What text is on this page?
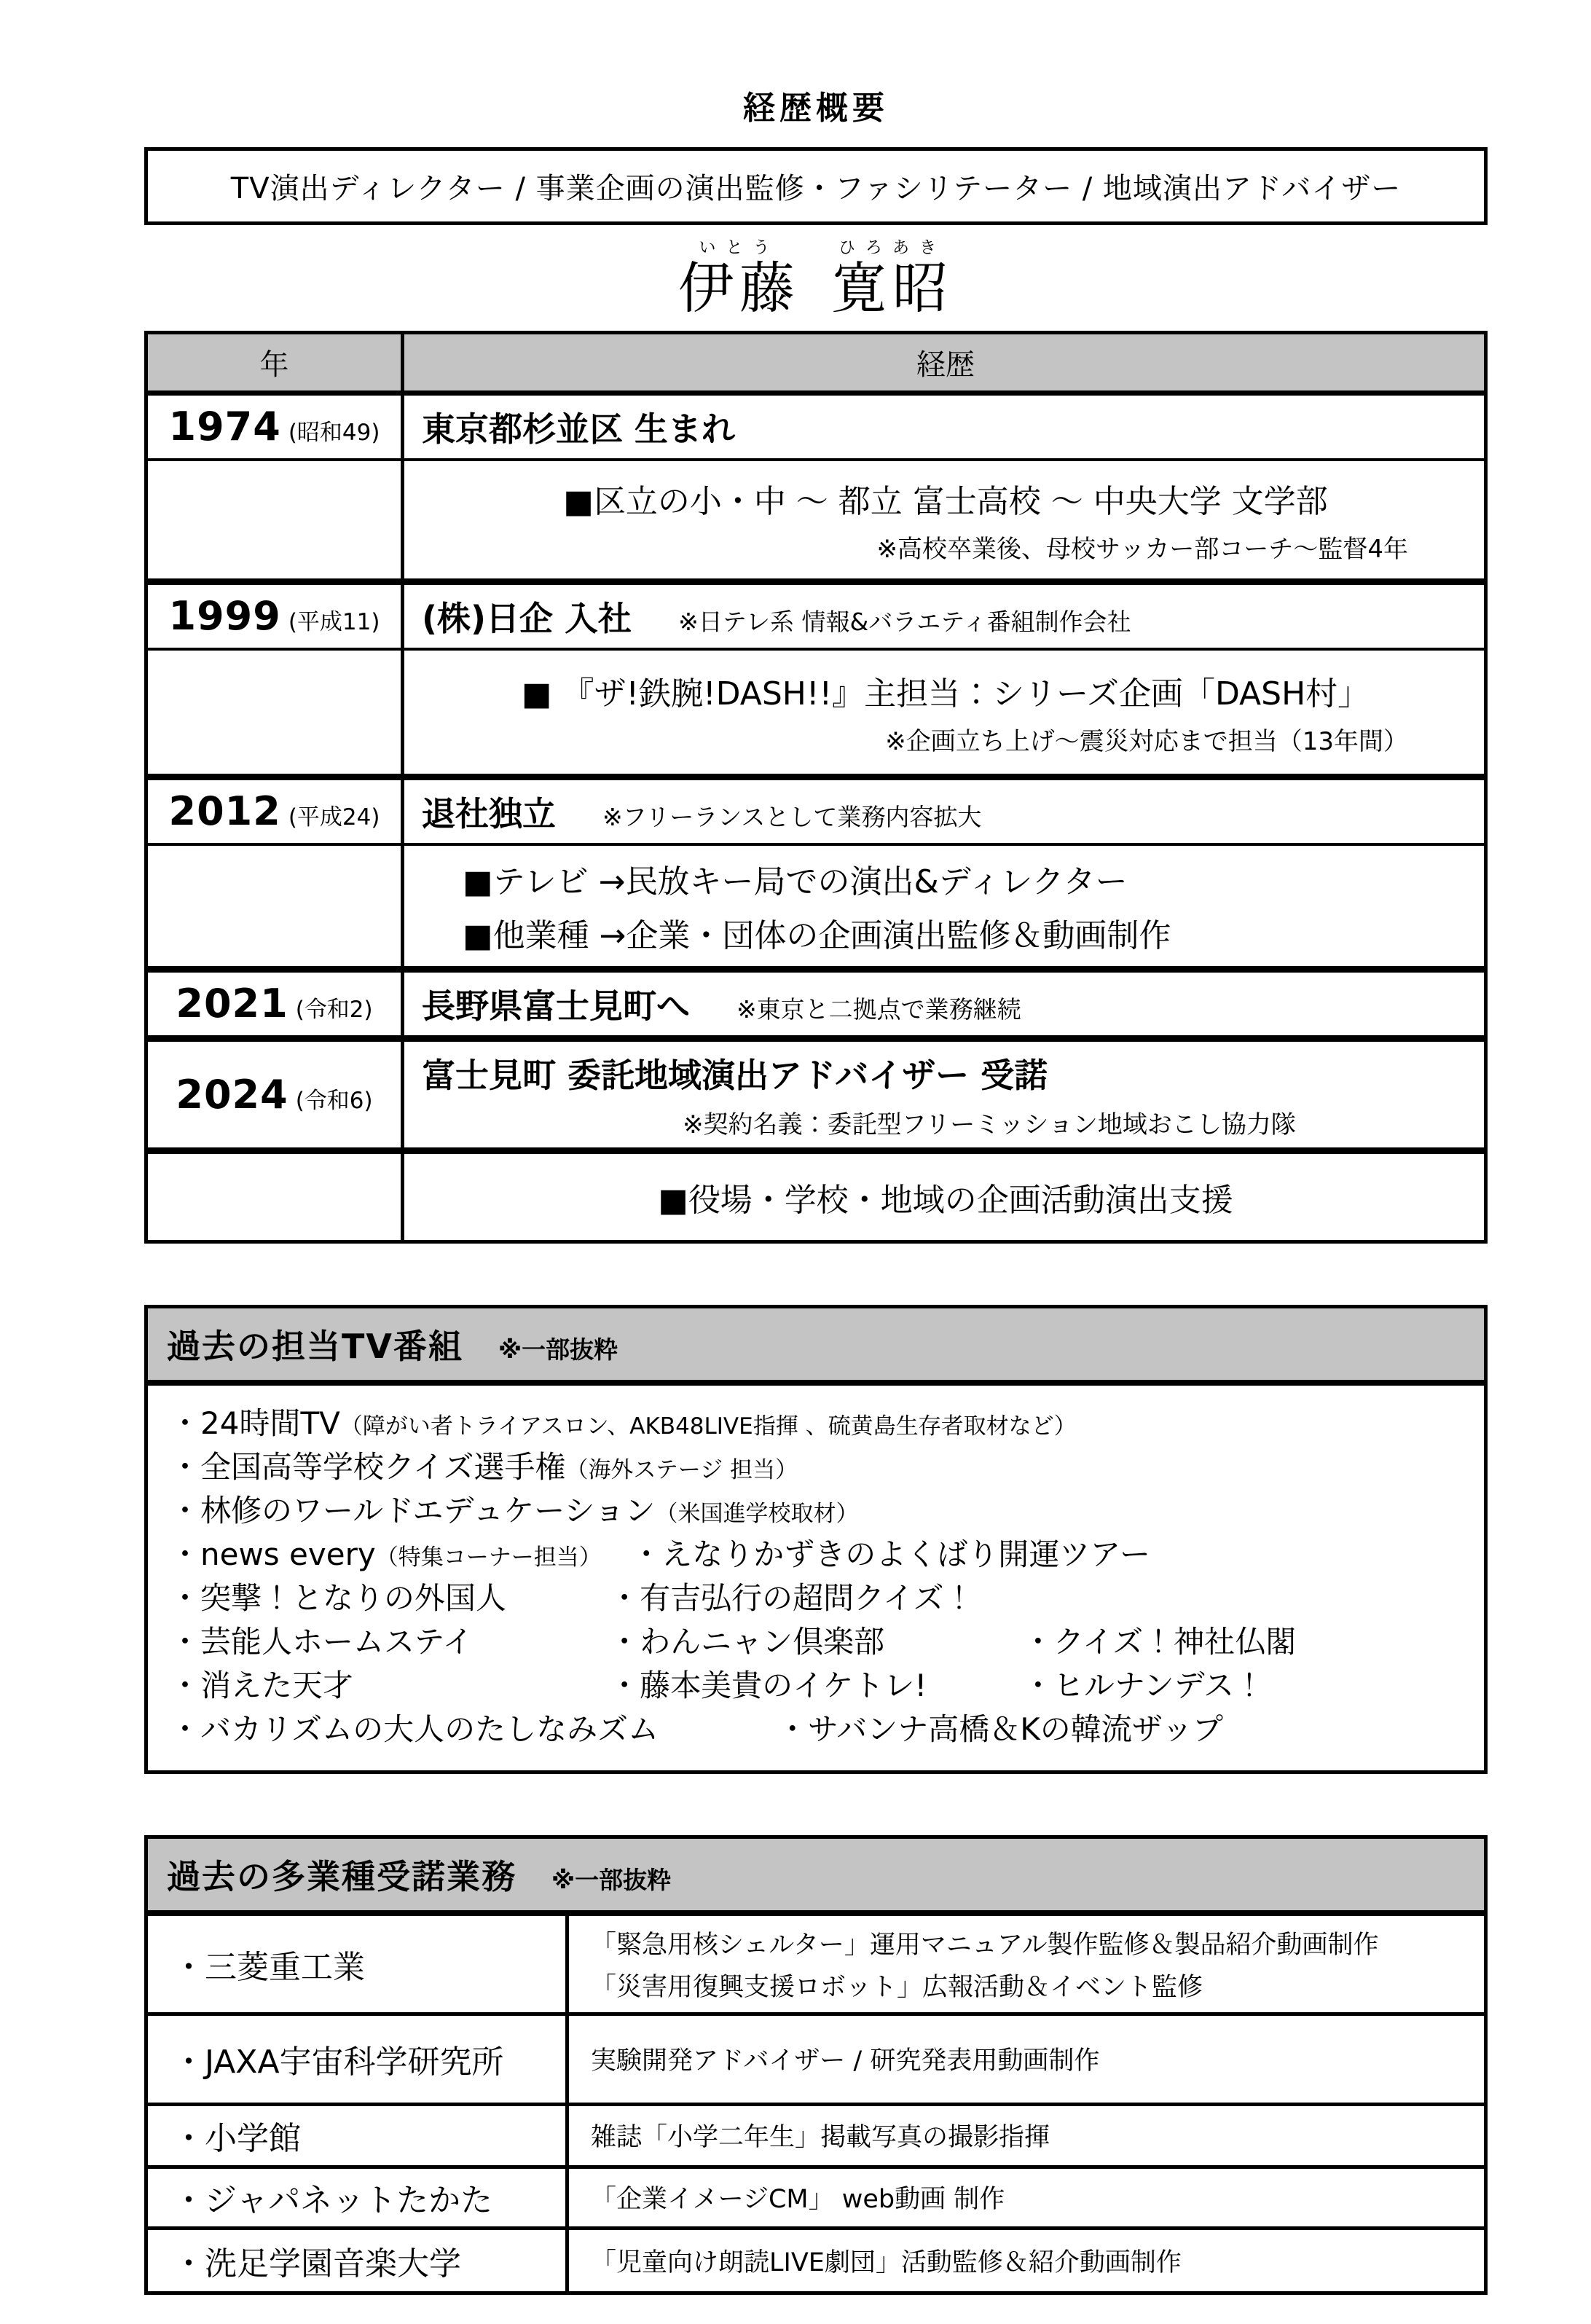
経歴概要
TV演出ディレクター / 事業企画の演出監修・ファシリテーター / 地域演出アドバイザー
いとう
伊藤
ひろあき
寛昭
年	経歴
1974 (昭和49) 東京都杉並区 生まれ
■区立の小・中 ～ 都立 富士高校 ～ 中央大学 文学部
※高校卒業後、母校サッカー部コーチ～監督4年
1999 (平成11) (株)日企 入社 ※日テレ系 情報&バラエティ番組制作会社
■ 『ザ!鉄腕!DASH!!』主担当：シリーズ企画「DASH村」
※企画立ち上げ～震災対応まで担当（13年間）
2012 (平成24) 退社独立 ※フリーランスとして業務内容拡大
■テレビ →民放キー局での演出&ディレクター
■他業種 →企業・団体の企画演出監修＆動画制作
2021 (令和2) 長野県富士見町へ ※東京と二拠点で業務継続
2024 (令和6)
富士見町 委託地域演出アドバイザー 受諾
※契約名義：委託型フリーミッション地域おこし協力隊
■役場・学校・地域の企画活動演出支援
過去の担当TV番組 ※一部抜粋
・24時間TV（障がい者トライアスロン、AKB48LIVE指揮 、硫黄島生存者取材など）
・全国高等学校クイズ選手権（海外ステージ 担当）
・林修のワールドエデュケーション（米国進学校取材）
・news every（特集コーナー担当） ・えなりかずきのよくばり開運ツアー
・突撃！となりの外国人	・有吉弘行の超問クイズ！
・芸能人ホームステイ	・わんニャン倶楽部	・クイズ！神社仏閣
・消えた天才	・藤本美貴のイケトレ!	・ヒルナンデス！
・バカリズムの大人のたしなみズム	・サバンナ高橋＆Kの韓流ザップ
過去の多業種受諾業務 ※一部抜粋
・三菱重工業
「緊急用核シェルター」運用マニュアル製作監修＆製品紹介動画制作
「災害用復興支援ロボット」広報活動＆イベント監修
・JAXA宇宙科学研究所	実験開発アドバイザー / 研究発表用動画制作
・小学館	雑誌「小学二年生」掲載写真の撮影指揮
・ジャパネットたかた	「企業イメージCM」 web動画 制作
・洗足学園音楽大学	「児童向け朗読LIVE劇団」活動監修＆紹介動画制作
